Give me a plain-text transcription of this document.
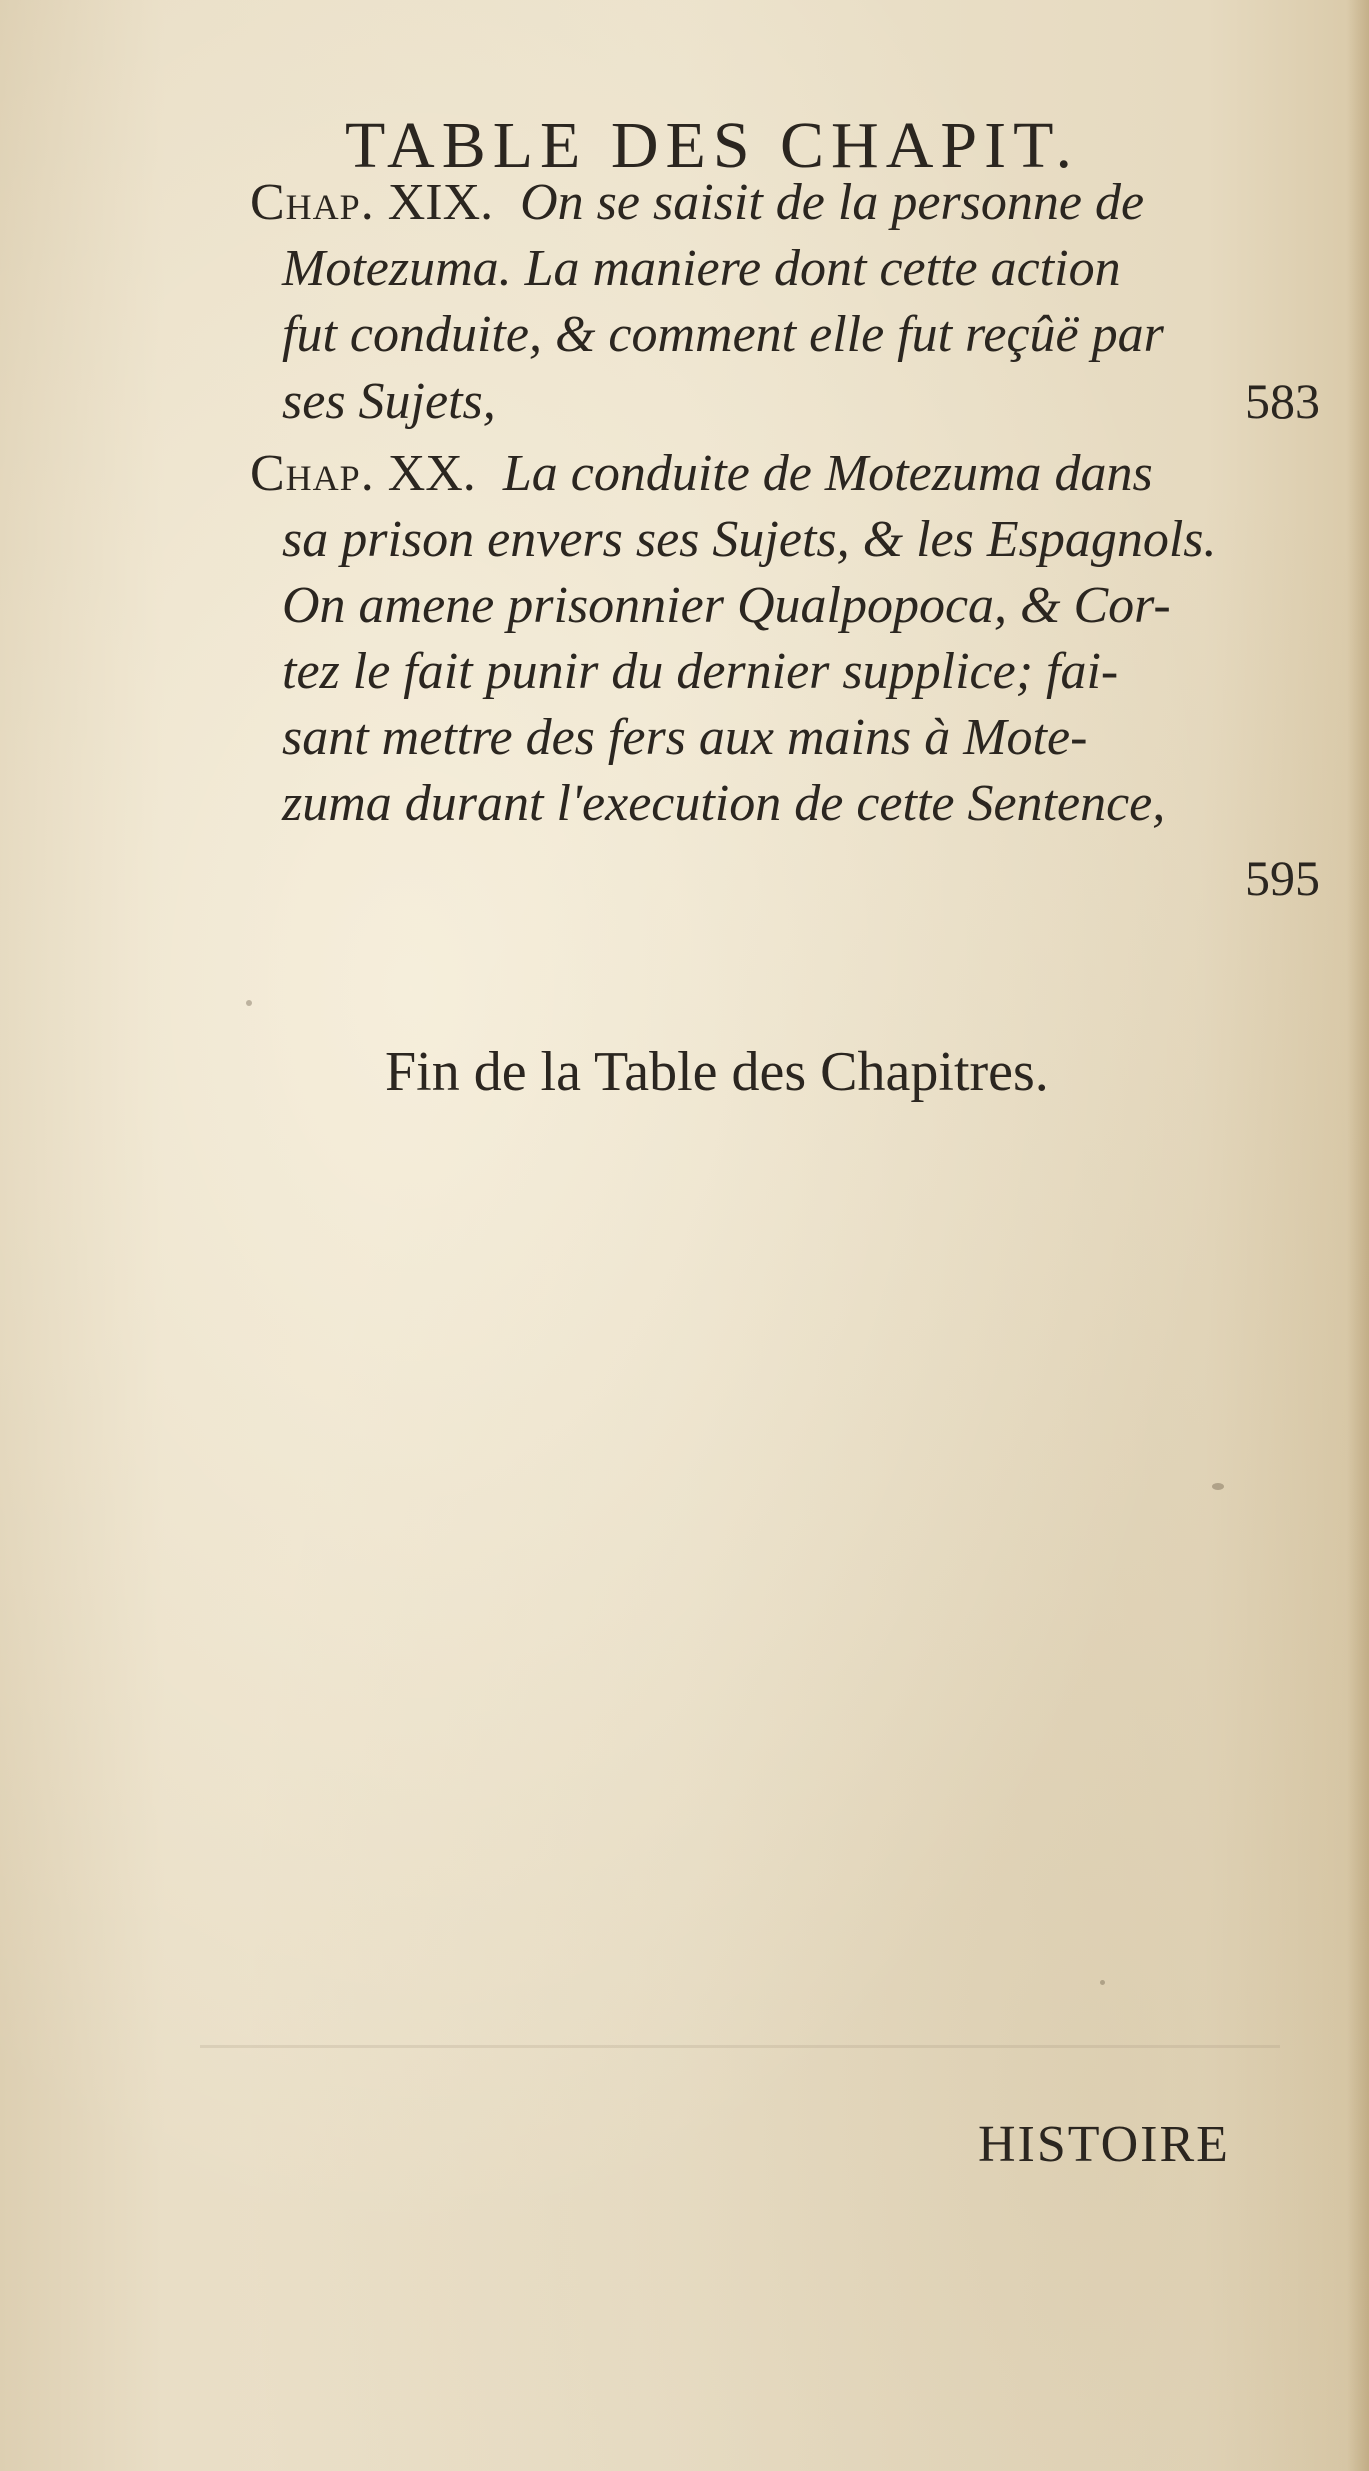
TABLE DES CHAPIT.
Chap. XIX. On se saisit de la personne de
Motezuma. La maniere dont cette action
fut conduite, & comment elle fut reçûë par
ses Sujets,	583
Chap. XX. La conduite de Motezuma dans
sa prison envers ses Sujets, & les Espagnols.
On amene prisonnier Qualpopoca, & Cor-
tez le fait punir du dernier supplice; fai-
sant mettre des fers aux mains à Mote-
zuma durant l'execution de cette Sentence,
595
Fin de la Table des Chapitres.
HISTOIRE
